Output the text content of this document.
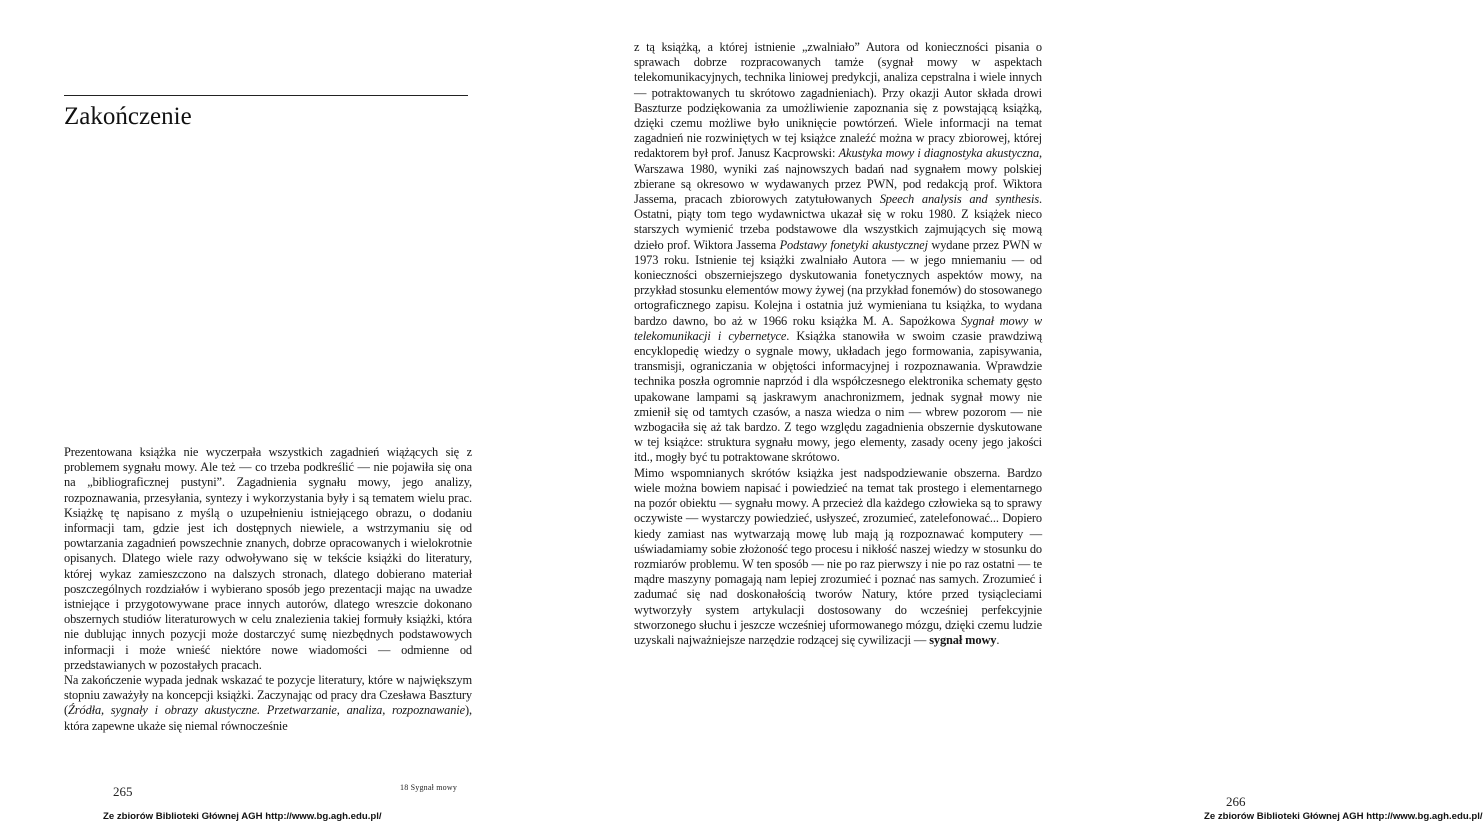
Zakończenie

Prezentowana książka nie wyczerpała wszystkich zagadnień wiążących się z problemem sygnału mowy. Ale też — co trzeba podkreślić — nie pojawiła się ona na „bibliograficznej pustyni”. Zagadnienia sygnału mowy, jego analizy, rozpoznawania, przesyłania, syntezy i wykorzystania były i są tematem wielu prac. Książkę tę napisano z myślą o uzupełnieniu istniejącego obrazu, o dodaniu informacji tam, gdzie jest ich dostępnych niewiele, a wstrzymaniu się od powtarzania zagadnień powszechnie znanych, dobrze opracowanych i wielokrotnie opisanych. Dlatego wiele razy odwoływano się w tekście książki do literatury, której wykaz zamieszczono na dalszych stronach, dlatego dobierano materiał poszczególnych rozdziałów i wybierano sposób jego prezentacji mając na uwadze istniejące i przygotowywane prace innych autorów, dlatego wreszcie dokonano obszernych studiów literaturowych w celu znalezienia takiej formuły książki, która nie dublując innych pozycji może dostarczyć sumę niezbędnych podstawowych informacji i może wnieść niektóre nowe wiadomości — odmienne od przedstawianych w pozostałych pracach.

Na zakończenie wypada jednak wskazać te pozycje literatury, które w największym stopniu zaważyły na koncepcji książki. Zaczynając od pracy dra Czesława Basztury (Źródła, sygnały i obrazy akustyczne. Przetwarzanie, analiza, rozpoznawanie), która zapewne ukaże się niemal równocześnie

265	18 Sygnał mowy
Ze zbiorów Biblioteki Głównej AGH http://www.bg.agh.edu.pl/

z tą książką, a której istnienie „zwalniało” Autora od konieczności pisania o sprawach dobrze rozpracowanych tamże (sygnał mowy w aspektach telekomunikacyjnych, technika liniowej predykcji, analiza cepstralna i wiele innych — potraktowanych tu skrótowo zagadnieniach). Przy okazji Autor składa drowi Baszturze podziękowania za umożliwienie zapoznania się z powstającą książką, dzięki czemu możliwe było uniknięcie powtórzeń. Wiele informacji na temat zagadnień nie rozwiniętych w tej książce znaleźć można w pracy zbiorowej, której redaktorem był prof. Janusz Kacprowski: Akustyka mowy i diagnostyka akustyczna, Warszawa 1980, wyniki zaś najnowszych badań nad sygnałem mowy polskiej zbierane są okresowo w wydawanych przez PWN, pod redakcją prof. Wiktora Jassema, pracach zbiorowych zatytułowanych Speech analysis and synthesis. Ostatni, piąty tom tego wydawnictwa ukazał się w roku 1980. Z książek nieco starszych wymienić trzeba podstawowe dla wszystkich zajmujących się mową dzieło prof. Wiktora Jassema Podstawy fonetyki akustycznej wydane przez PWN w 1973 roku. Istnienie tej książki zwalniało Autora — w jego mniemaniu — od konieczności obszerniejszego dyskutowania fonetycznych aspektów mowy, na przykład stosunku elementów mowy żywej (na przykład fonemów) do stosowanego ortograficznego zapisu. Kolejna i ostatnia już wymieniana tu książka, to wydana bardzo dawno, bo aż w 1966 roku książka M. A. Sapożkowa Sygnał mowy w telekomunikacji i cybernetyce. Książka stanowiła w swoim czasie prawdziwą encyklopedię wiedzy o sygnale mowy, układach jego formowania, zapisywania, transmisji, ograniczania w objętości informacyjnej i rozpoznawania. Wprawdzie technika poszła ogromnie naprzód i dla współczesnego elektronika schematy gęsto upakowane lampami są jaskrawym anachronizmem, jednak sygnał mowy nie zmienił się od tamtych czasów, a nasza wiedza o nim — wbrew pozorom — nie wzbogaciła się aż tak bardzo. Z tego względu zagadnienia obszernie dyskutowane w tej książce: struktura sygnału mowy, jego elementy, zasady oceny jego jakości itd., mogły być tu potraktowane skrótowo.

Mimo wspomnianych skrótów książka jest nadspodziewanie obszerna. Bardzo wiele można bowiem napisać i powiedzieć na temat tak prostego i elementarnego na pozór obiektu — sygnału mowy. A przecież dla każdego człowieka są to sprawy oczywiste — wystarczy powiedzieć, usłyszeć, zrozumieć, zatelefonować... Dopiero kiedy zamiast nas wytwarzają mowę lub mają ją rozpoznawać komputery — uświadamiamy sobie złożoność tego procesu i nikłość naszej wiedzy w stosunku do rozmiarów problemu. W ten sposób — nie po raz pierwszy i nie po raz ostatni — te mądre maszyny pomagają nam lepiej zrozumieć i poznać nas samych. Zrozumieć i zadumać się nad doskonałością tworów Natury, które przed tysiącleciami wytworzyły system artykulacji dostosowany do wcześniej perfekcyjnie stworzonego słuchu i jeszcze wcześniej uformowanego mózgu, dzięki czemu ludzie uzyskali najważniejsze narzędzie rodzącej się cywilizacji — sygnał mowy.

266
Ze zbiorów Biblioteki Głównej AGH http://www.bg.agh.edu.pl/
